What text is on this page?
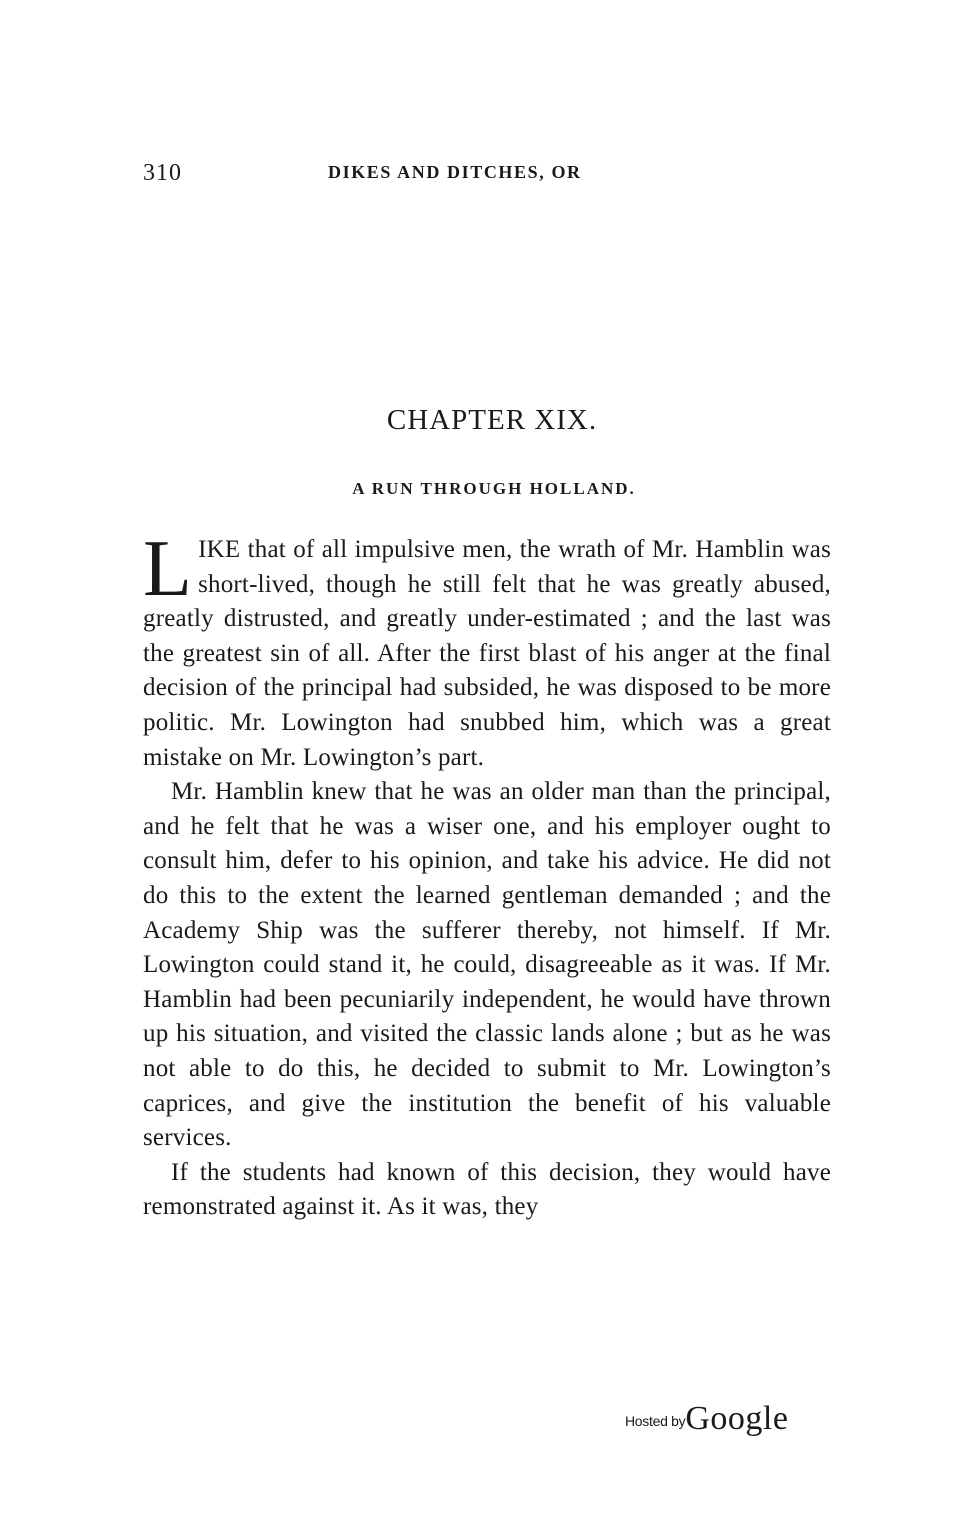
310	DIKES AND DITCHES, OR
CHAPTER XIX.
A RUN THROUGH HOLLAND.

LIKE that of all impulsive men, the wrath of Mr. Hamblin was short-lived, though he still felt that he was greatly abused, greatly distrusted, and greatly under-estimated ; and the last was the greatest sin of all. After the first blast of his anger at the final decision of the principal had subsided, he was disposed to be more politic. Mr. Lowington had snubbed him, which was a great mistake on Mr. Lowington’s part.

Mr. Hamblin knew that he was an older man than the principal, and he felt that he was a wiser one, and his employer ought to consult him, defer to his opinion, and take his advice. He did not do this to the extent the learned gentleman demanded ; and the Academy Ship was the sufferer thereby, not himself. If Mr. Lowington could stand it, he could, disagreeable as it was. If Mr. Hamblin had been pecuniarily independent, he would have thrown up his situation, and visited the classic lands alone ; but as he was not able to do this, he decided to submit to Mr. Lowington’s caprices, and give the institution the benefit of his valuable services.

If the students had known of this decision, they would have remonstrated against it. As it was, they

Hosted byGoogle
